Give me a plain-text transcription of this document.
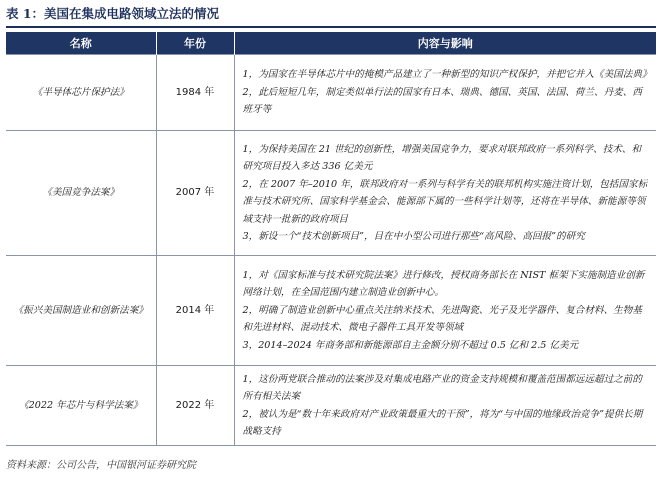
表 1：美国在集成电路领域立法的情况
名称	年份	内容与影响
《半导体芯片保护法》	1984 年	1，为国家在半导体芯片中的掩模产品建立了一种新型的知识产权保护，并把它并入《美国法典》

2，此后短短几年，制定类似单行法的国家有日本、瑞典、德国、英国、法国、荷兰、丹麦、西班牙等

《美国竞争法案》	2007 年	1，为保持美国在 21 世纪的创新性，增强美国竞争力，要求对联邦政府一系列科学、技术、和研究项目投入多达 336 亿美元

2，在 2007 年–2010 年，联邦政府对一系列与科学有关的联邦机构实施注资计划，包括国家标准与技术研究所、国家科学基金会、能源部下属的一些科学计划等，还将在半导体、新能源等领域支持一批新的政府项目

3，新设一个“技术创新项目”，目在中小型公司进行那些“高风险、高回报”的研究

《振兴美国制造业和创新法案》	2014 年	1，对《国家标准与技术研究院法案》进行修改，授权商务部长在 NIST 框架下实施制造业创新网络计划，在全国范围内建立制造业创新中心。

2，明确了制造业创新中心重点关注纳米技术、先进陶瓷、光子及光学器件、复合材料、生物基和先进材料、混动技术、微电子器件工具开发等领域

3，2014–2024 年商务部和新能源部自主金额分别不超过 0.5 亿和 2.5 亿美元

《2022 年芯片与科学法案》	2022 年	1，这份两党联合推动的法案涉及对集成电路产业的资金支持规模和覆盖范围都远远超过之前的所有相关法案

2，被认为是“数十年来政府对产业政策最重大的干预”，将为“与中国的地缘政治竞争”提供长期战略支持

资料来源：公司公告，中国银河证券研究院
